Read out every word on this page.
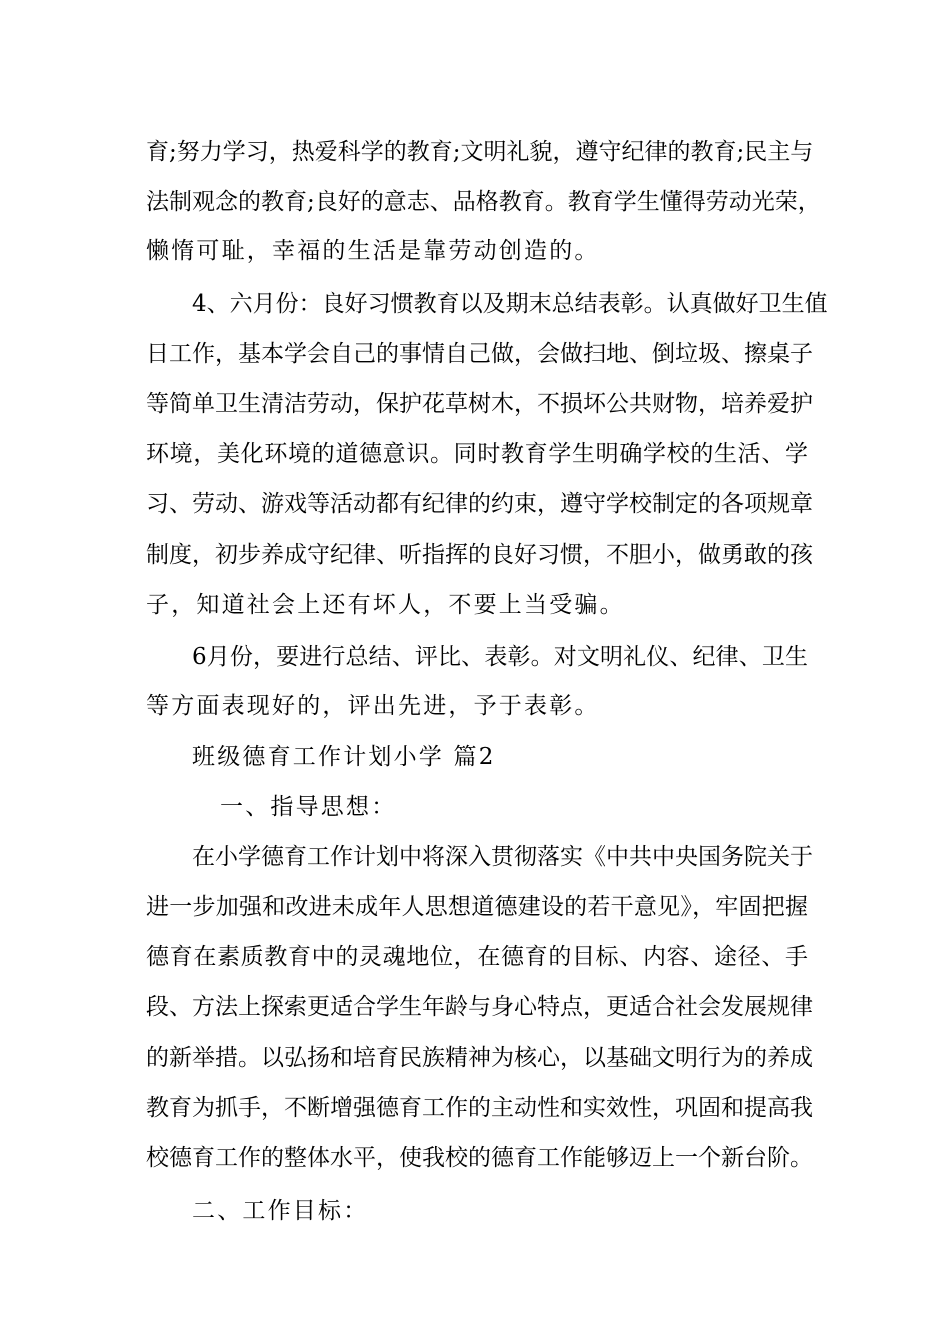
育;努力学习，热爱科学的教育;文明礼貌，遵守纪律的教育;民主与
法制观念的教育;良好的意志、品格教育。教育学生懂得劳动光荣，
懒惰可耻，幸福的生活是靠劳动创造的。
4、六月份：良好习惯教育以及期末总结表彰。认真做好卫生值
日工作，基本学会自己的事情自己做，会做扫地、倒垃圾、擦桌子
等简单卫生清洁劳动，保护花草树木，不损坏公共财物，培养爱护
环境，美化环境的道德意识。同时教育学生明确学校的生活、学
习、劳动、游戏等活动都有纪律的约束，遵守学校制定的各项规章
制度，初步养成守纪律、听指挥的良好习惯，不胆小，做勇敢的孩
子，知道社会上还有坏人，不要上当受骗。
6月份，要进行总结、评比、表彰。对文明礼仪、纪律、卫生
等方面表现好的，评出先进，予于表彰。
班级德育工作计划小学 篇2
一、指导思想：
在小学德育工作计划中将深入贯彻落实《中共中央国务院关于
进一步加强和改进未成年人思想道德建设的若干意见》，牢固把握
德育在素质教育中的灵魂地位，在德育的目标、内容、途径、手
段、方法上探索更适合学生年龄与身心特点，更适合社会发展规律
的新举措。以弘扬和培育民族精神为核心，以基础文明行为的养成
教育为抓手，不断增强德育工作的主动性和实效性，巩固和提高我
校德育工作的整体水平，使我校的德育工作能够迈上一个新台阶。
二、工作目标：
